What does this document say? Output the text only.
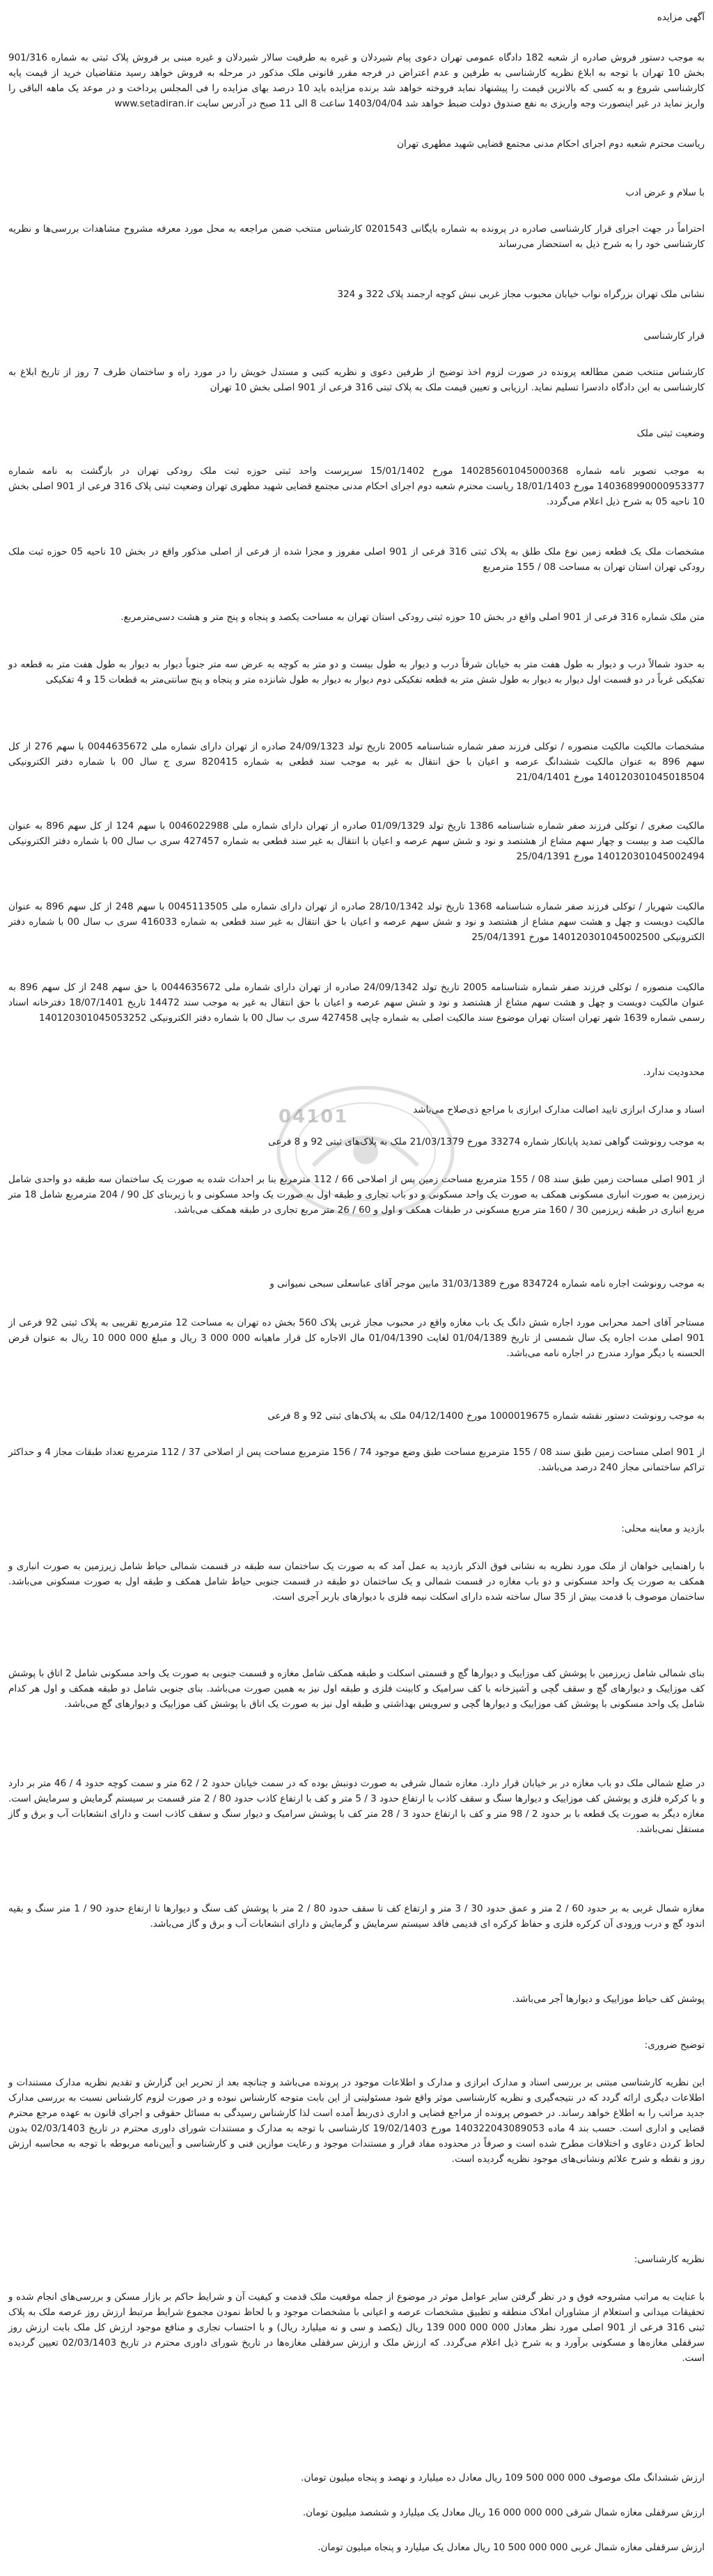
آگهی مزایده

به موجب دستور فروش صادره از شعبه 182 دادگاه عمومی تهران دعوی پیام شیردلان و غیره به طرفیت سالار شیردلان و غیره مبنی بر فروش پلاک ثبتی به شماره 901/316 بخش 10 تهران با توجه به ابلاغ نظریه کارشناسی به طرفین و عدم اعتراض در فرجه مقرر قانونی ملک مذکور در مرحله به فروش خواهد رسید متقاضیان خرید از قیمت پایه کارشناسی شروع و به کسی که بالاترین قیمت را پیشنهاد نماید فروخته خواهد شد برنده مزایده باید 10 درصد بهای مزایده را فی المجلس پرداخت و در موعد یک ماهه الباقی را واریز نماید در غیر اینصورت وجه واریزی به نفع صندوق دولت ضبط خواهد شد 1403/04/04 ساعت 8 الی 11 صبح در آدرس سایت www.setadiran.ir

ریاست محترم شعبه دوم اجرای احکام مدنی مجتمع قضایی شهید مطهری تهران

با سلام و عرض ادب

احتراماً در جهت اجرای قرار کارشناسی صادره در پرونده به شماره بایگانی 0201543 کارشناس منتخب ضمن مراجعه به محل مورد معرفه مشروح مشاهدات بررسی‌ها و نظریه کارشناسی خود را به شرح ذیل به استحضار می‌رساند

نشانی ملک تهران بزرگراه نواب خیابان محبوب مجاز غربی نبش کوچه ارجمند پلاک 322 و 324

قرار کارشناسی

کارشناس منتخب ضمن مطالعه پرونده در صورت لزوم اخذ توضیح از طرفین دعوی و نظریه کتبی و مستدل خویش را در مورد راه و ساختمان طرف 7 روز از تاریخ ابلاغ به کارشناسی به این دادگاه دادسرا تسلیم نماید. ارزیابی و تعیین قیمت ملک به پلاک ثبتی 316 فرعی از 901 اصلی بخش 10 تهران

وضعیت ثبتی ملک

به موجب تصویر نامه شماره 140285601045000368 مورخ 15/01/1402 سرپرست واحد ثبتی حوزه ثبت ملک رودکی تهران در بازگشت به نامه شماره 140368990000953377 مورخ 18/01/1403 ریاست محترم شعبه دوم اجرای احکام مدنی مجتمع قضایی شهید مطهری تهران وضعیت ثبتی پلاک 316 فرعی از 901 اصلی بخش 10 ناحیه 05 به شرح ذیل اعلام می‌گردد.

مشخصات ملک یک قطعه زمین نوع ملک طلق به پلاک ثبتی 316 فرعی از 901 اصلی مفروز و مجزا شده از فرعی از اصلی مذکور واقع در بخش 10 ناحیه 05 حوزه ثبت ملک رودکی تهران استان تهران به مساحت 08 / 155 مترمربع

متن ملک شماره 316 فرعی از 901 اصلی واقع در بخش 10 حوزه ثبتی رودکی استان تهران به مساحت یکصد و پنجاه و پنج متر و هشت دسی‌مترمربع.

به حدود شمالاً درب و دیوار به طول هفت متر به خیابان شرقاً درب و دیوار به طول بیست و دو متر به کوچه به عرض سه متر جنوباً دیوار به دیوار به طول هفت متر به قطعه دو تفکیکی غرباً در دو قسمت اول دیوار به دیوار به طول شش متر به قطعه تفکیکی دوم دیوار به دیوار به طول شانزده متر و پنجاه و پنج سانتی‌متر به قطعات 15 و 4 تفکیکی

مشخصات مالکیت مالکیت منصوره / توکلی فرزند صفر شماره شناسنامه 2005 تاریخ تولد 24/09/1323 صادره از تهران دارای شماره ملی 0044635672 با سهم 276 از کل سهم 896 به عنوان مالکیت ششدانگ عرصه و اعیان با حق انتقال به غیر به موجب سند قطعی به شماره 820415 سری ج سال 00 با شماره دفتر الکترونیکی 140120301045018504 مورخ 21/04/1401

مالکیت صغری / توکلی فرزند صفر شماره شناسنامه 1386 تاریخ تولد 01/09/1329 صادره از تهران دارای شماره ملی 0046022988 با سهم 124 از کل سهم 896 به عنوان مالکیت صد و بیست و چهار سهم مشاع از هشتصد و نود و شش سهم عرصه و اعیان با انتقال به غیر سند قطعی به شماره 427457 سری ب سال 00 با شماره دفتر الکترونیکی 140120301045002494 مورخ 25/04/1391

مالکیت شهریار / توکلی فرزند صفر شماره شناسنامه 1368 تاریخ تولد 28/10/1342 صادره از تهران دارای شماره ملی 0045113505 با سهم 248 از کل سهم 896 به عنوان مالکیت دویست و چهل و هشت سهم مشاع از هشتصد و نود و شش سهم عرصه و اعیان با حق انتقال به غیر سند قطعی به شماره 416033 سری ب سال 00 با شماره دفتر الکترونیکی 140120301045002500 مورخ 25/04/1391

مالکیت منصوره / توکلی فرزند صفر شماره شناسنامه 2005 تاریخ تولد 24/09/1342 صادره از تهران دارای شماره ملی 0044635672 با حق سهم 248 از کل سهم 896 به عنوان مالکیت دویست و چهل و هشت سهم مشاع از هشتصد و نود و شش سهم عرصه و اعیان با حق انتقال به غیر به موجب سند 14472 تاریخ 18/07/1401 دفترخانه اسناد رسمی شماره 1639 شهر تهران استان تهران موضوع سند مالکیت اصلی به شماره چاپی 427458 سری ب سال 00 با شماره دفتر الکترونیکی 140120301045053252

04101

محدودیت ندارد.

اسناد و مدارک ابرازی تایید اصالت مدارک ابرازی با مراجع ذی‌صلاح می‌باشد

به موجب رونوشت گواهی تمدید پایانکار شماره 33274 مورخ 21/03/1379 ملک به پلاک‌های ثبتی 92 و 8 فرعی

از 901 اصلی مساحت زمین طبق سند 08 / 155 مترمربع مساحت زمین پس از اصلاحی 66 / 112 مترمربع بنا بر احداث شده به صورت یک ساختمان سه طبقه دو واحدی شامل زیرزمین به صورت انباری مسکونی همکف به صورت یک واحد مسکونی و دو باب تجاری و طبقه اول به صورت یک واحد مسکونی و با زیربنای کل 90 / 204 مترمربع شامل 18 متر مربع انباری در طبقه زیرزمین 30 / 160 متر مربع مسکونی در طبقات همکف و اول و 60 / 26 متر مربع تجاری در طبقه همکف می‌باشد.

به موجب رونوشت اجاره نامه شماره 834724 مورخ 31/03/1389 مابین موجر آقای عباسعلی سبحی نمیوانی و

مستاجر آقای احمد محرابی مورد اجاره شش دانگ یک باب مغازه واقع در محبوب مجاز غربی پلاک 560 بخش ده تهران به مساحت 12 مترمربع تقریبی به پلاک ثبتی 92 فرعی از 901 اصلی مدت اجاره یک سال شمسی از تاریخ 01/04/1389 لغایت 01/04/1390 مال الاجاره کل قرار ماهیانه 000 000 3 ریال و مبلغ 000 000 10 ریال به عنوان قرض الحسنه یا دیگر موارد مندرج در اجاره نامه می‌باشد.

به موجب رونوشت دستور نقشه شماره 1000019675 مورخ 04/12/1400 ملک به پلاک‌های ثبتی 92 و 8 فرعی

از 901 اصلی مساحت زمین طبق سند 08 / 155 مترمربع مساحت طبق وضع موجود 74 / 156 مترمربع مساحت پس از اصلاحی 37 / 112 مترمربع تعداد طبقات مجاز 4 و حداکثر تراکم ساختمانی مجاز 240 درصد می‌باشد.

بازدید و معاینه محلی:

با راهنمایی خواهان از ملک مورد نظریه به نشانی فوق الذکر بازدید به عمل آمد که به صورت یک ساختمان سه طبقه در قسمت شمالی حیاط شامل زیرزمین به صورت انباری و همکف به صورت یک واحد مسکونی و دو باب مغازه در قسمت شمالی و یک ساختمان دو طبقه در قسمت جنوبی حیاط شامل همکف و طبقه اول به صورت مسکونی می‌باشد. ساختمان موصوف با قدمت بیش از 35 سال ساخته شده دارای اسکلت نیمه فلزی با دیوارهای باربر آجری است.

بنای شمالی شامل زیرزمین با پوشش کف موزاییک و دیوارها گچ و قسمتی اسکلت و طبقه همکف شامل مغازه و قسمت جنوبی به صورت یک واحد مسکونی شامل 2 اتاق با پوشش کف موزاییک و دیوارهای گچ و سقف گچی و آشپزخانه با کف سرامیک و کابینت فلزی و طبقه اول نیز به همین صورت می‌باشد. بنای جنوبی شامل دو طبقه همکف و اول هر کدام شامل یک واحد مسکونی با پوشش کف موزاییک و دیوارها گچی و سرویس بهداشتی و طبقه اول نیز به صورت یک اتاق با پوشش کف موزاییک و دیوارهای گچ می‌باشد.

در ضلع شمالی ملک دو باب مغازه در بر خیابان قرار دارد. مغازه شمال شرقی به صورت دونبش بوده که در سمت خیابان حدود 2 / 62 متر و سمت کوچه حدود 4 / 46 متر بر دارد و با کرکره فلزی و پوشش کف موزاییک و دیوارها سنگ و سقف کاذب با ارتفاع حدود 3 / 5 متر و کف با ارتفاع کاذب حدود 80 / 2 متر قسمت بر سیستم گرمایش و سرمایش است. مغازه دیگر به صورت یک قطعه با بر حدود 2 / 98 متر و کف با ارتفاع حدود 3 / 28 متر کف با پوشش سرامیک و دیوار سنگ و سقف کاذب است و دارای انشعابات آب و برق و گاز مستقل نمی‌باشد.

مغازه شمال غربی به بر حدود 60 / 2 متر و عمق حدود 30 / 3 متر و ارتفاع کف تا سقف حدود 80 / 2 متر با پوشش کف سنگ و دیوارها تا ارتفاع حدود 90 / 1 متر سنگ و بقیه اندود گچ و درب ورودی آن کرکره فلزی و حفاظ کرکره ای قدیمی فاقد سیستم سرمایش و گرمایش و دارای انشعابات آب و برق و گاز می‌باشد.

پوشش کف حیاط موزاییک و دیوارها آجر می‌باشد.

توضیح ضروری:

این نظریه کارشناسی مبتنی بر بررسی اسناد و مدارک ابرازی و مدارک و اطلاعات موجود در پرونده می‌باشد و چنانچه بعد از تحریر این گزارش و تقدیم نظریه مدارک مستندات و اطلاعات دیگری ارائه گردد که در نتیجه‌گیری و نظریه کارشناسی موثر واقع شود مسئولیتی از این بابت متوجه کارشناس نبوده و در صورت لزوم کارشناس نسبت به بررسی مدارک جدید مراتب را به اطلاع خواهد رساند. در خصوص پرونده از مراجع قضایی و اداری ذی‌ربط آمده است لذا کارشناس رسیدگی به مسائل حقوقی و اجرای قانون به عهده مرجع محترم قضایی و اداری است. حسب بند 4 ماده 140322043089053 مورخ 19/02/1403 کارشناسی با توجه به مدارک و مستندات شورای داوری محترم در تاریخ 02/03/1403 بدون لحاظ کردن دعاوی و اختلافات مطرح شده است و صرفاً در محدوده مفاد قرار و مستندات موجود و رعایت موازین فنی و کارشناسی و آیین‌نامه مربوطه با توجه به محاسبه ارزش روز و نقطه و شرح علائم ونشانی‌های موجود نظریه گردیده است.

نظریه کارشناسی:

با عنایت به مراتب مشروحه فوق و در نظر گرفتن سایر عوامل موثر در موضوع از جمله موقعیت ملک قدمت و کیفیت آن و شرایط حاکم بر بازار مسکن و بررسی‌های انجام شده و تحقیقات میدانی و استعلام از مشاوران املاک منطقه و تطبیق مشخصات عرصه و اعیانی با مشخصات موجود و با لحاظ نمودن مجموع شرایط مرتبط ارزش روز عرصه ملک به پلاک ثبتی 316 فرعی از 901 اصلی مورد نظر معادل 000 000 000 139 ریال (یکصد و سی و نه میلیارد ریال) و با احتساب تجاری و منافع موجود ارزش کل ملک بابت ارزش روز سرقفلی مغازه‌ها و مسکونی برآورد و به شرح ذیل اعلام می‌گردد. که ارزش ملک و ارزش سرقفلی مغازه‌ها در تاریخ شورای داوری محترم در تاریخ 02/03/1403 تعیین گردیده است.

ارزش ششدانگ ملک موصوف 000 000 500 109 ریال معادل ده میلیارد و نهصد و پنجاه میلیون تومان.

ارزش سرقفلی مغازه شمال شرقی 000 000 000 16 ریال معادل یک میلیارد و ششصد میلیون تومان.

ارزش سرقفلی مغازه شمال غربی 000 000 500 10 ریال معادل یک میلیارد و پنجاه میلیون تومان.
